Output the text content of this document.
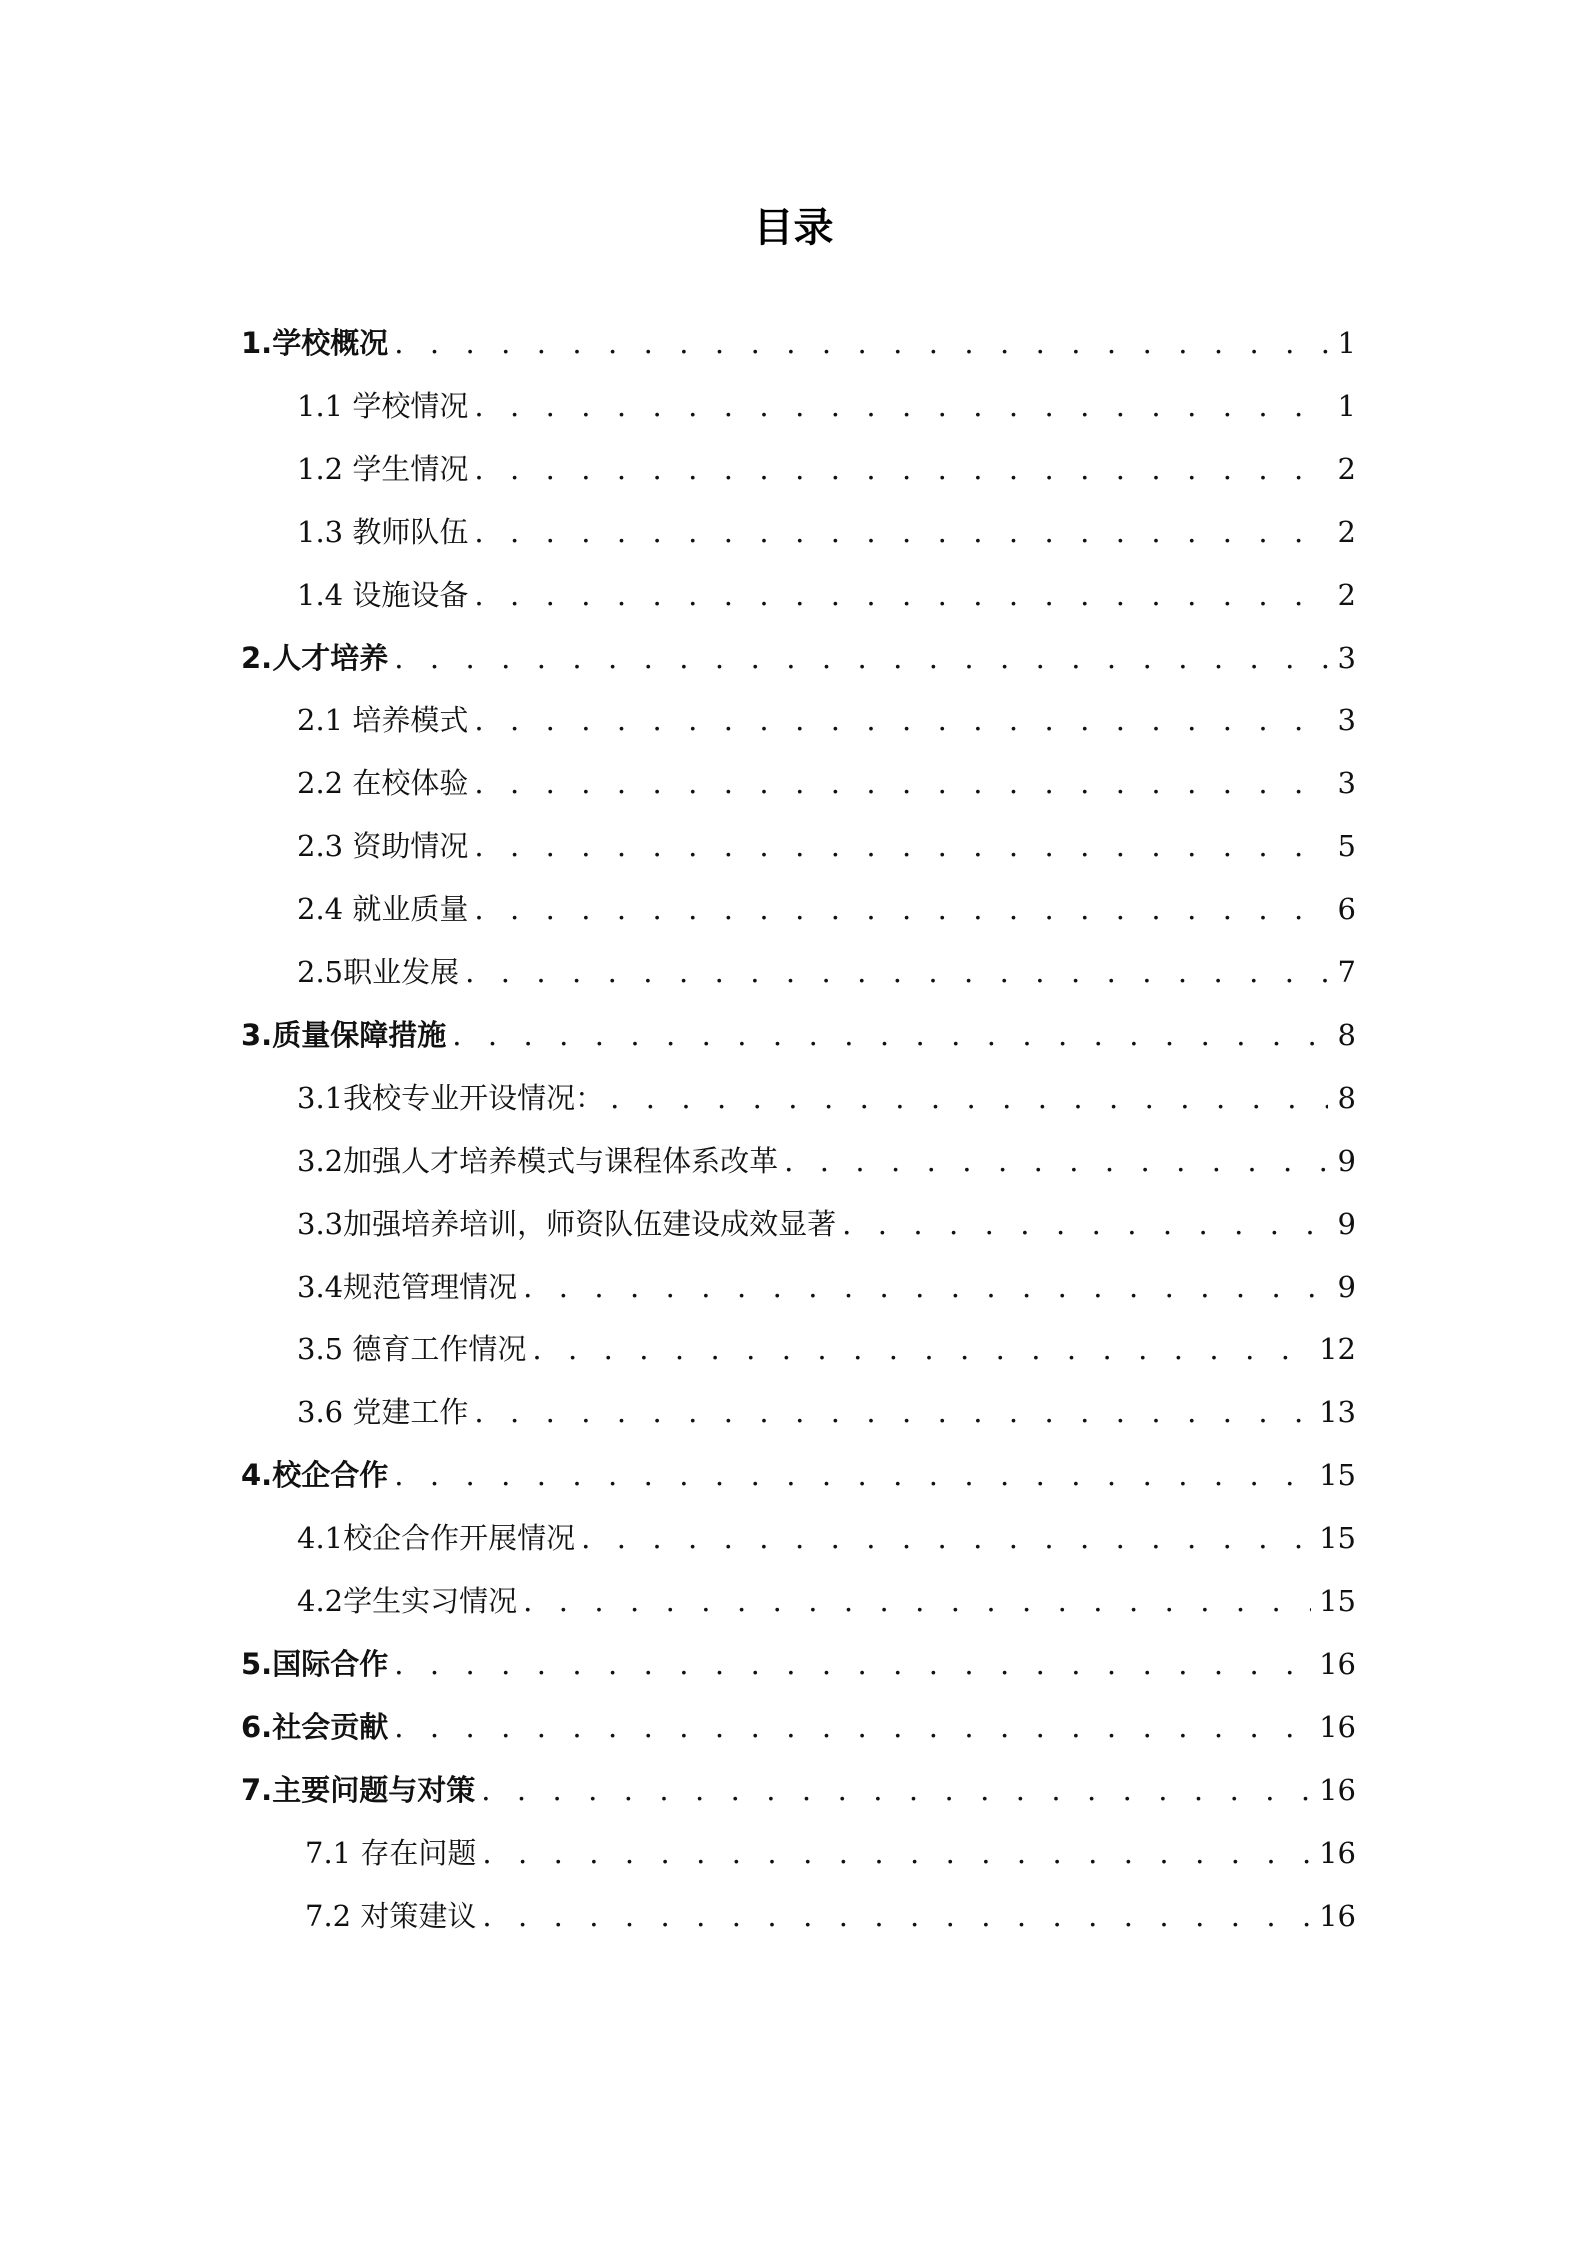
目录
1.学校概况 . . .	1
1.1 学校情况 . . .	1
1.2 学生情况 . . .	2
1.3 教师队伍 . . .	2
1.4 设施设备 . . .	2
2.人才培养 . . .	3
2.1 培养模式 . . .	3
2.2 在校体验 . . .	3
2.3 资助情况 . . .	5
2.4 就业质量 . . .	6
2.5职业发展 . . .	7
3.质量保障措施 . . .	8
3.1我校专业开设情况： . . .	8
3.2加强人才培养模式与课程体系改革 . . .	9
3.3加强培养培训，师资队伍建设成效显著 . . .	9
3.4规范管理情况 . . .	9
3.5 德育工作情况 . . .	12
3.6 党建工作 . . .	13
4.校企合作 . . .	15
4.1校企合作开展情况 . . .	15
4.2学生实习情况 . . .	15
5.国际合作 . . .	16
6.社会贡献 . . .	16
7.主要问题与对策 . . .	16
7.1 存在问题 . . .	16
7.2 对策建议 . . .	16
